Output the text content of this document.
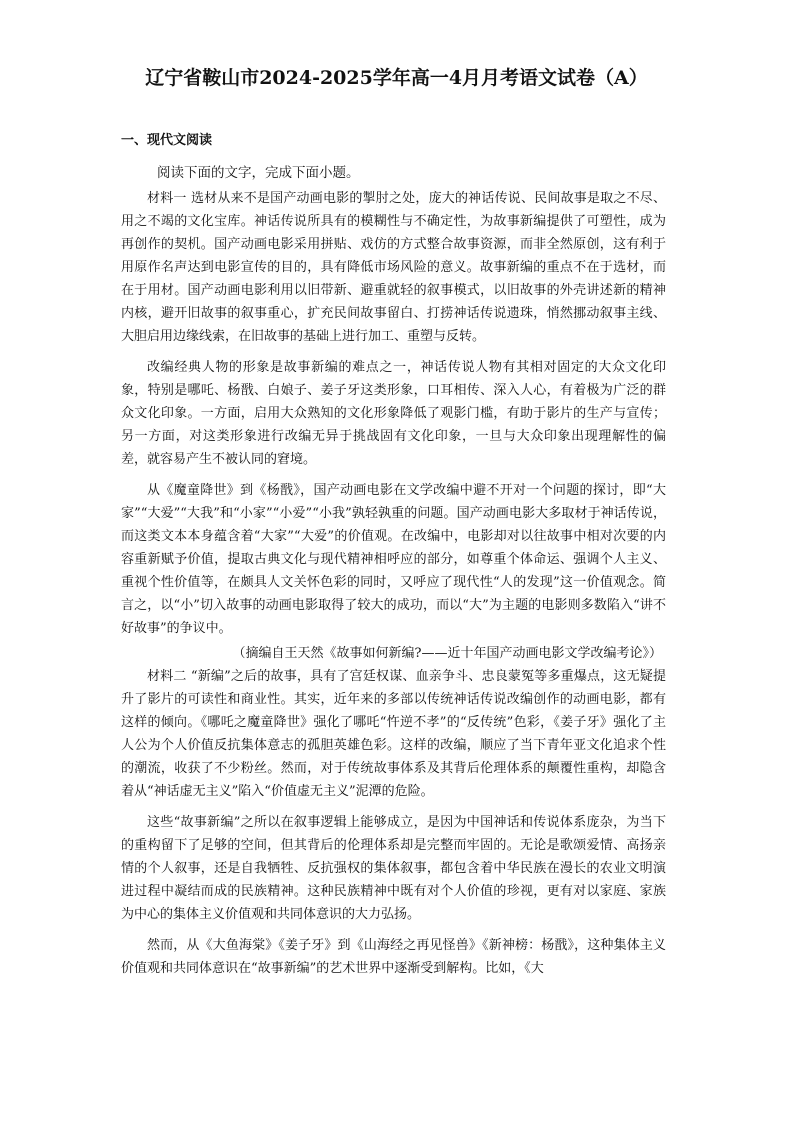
辽宁省鞍山市2024-2025学年高一4月月考语文试卷（A）
一、现代文阅读
阅读下面的文字，完成下面小题。

材料一 选材从来不是国产动画电影的掣肘之处，庞大的神话传说、民间故事是取之不尽、用之不竭的文化宝库。神话传说所具有的模糊性与不确定性，为故事新编提供了可塑性，成为再创作的契机。国产动画电影采用拼贴、戏仿的方式整合故事资源，而非全然原创，这有利于用原作名声达到电影宣传的目的，具有降低市场风险的意义。故事新编的重点不在于选材，而在于用材。国产动画电影利用以旧带新、避重就轻的叙事模式，以旧故事的外壳讲述新的精神内核，避开旧故事的叙事重心，扩充民间故事留白、打捞神话传说遗珠，悄然挪动叙事主线、大胆启用边缘线索，在旧故事的基础上进行加工、重塑与反转。

改编经典人物的形象是故事新编的难点之一，神话传说人物有其相对固定的大众文化印象，特别是哪吒、杨戬、白娘子、姜子牙这类形象，口耳相传、深入人心，有着极为广泛的群众文化印象。一方面，启用大众熟知的文化形象降低了观影门槛，有助于影片的生产与宣传；另一方面，对这类形象进行改编无异于挑战固有文化印象，一旦与大众印象出现理解性的偏差，就容易产生不被认同的窘境。

从《魔童降世》到《杨戬》，国产动画电影在文学改编中避不开对一个问题的探讨，即“大家”“大爱”“大我”和“小家”“小爱”“小我”孰轻孰重的问题。国产动画电影大多取材于神话传说，而这类文本本身蕴含着“大家”“大爱”的价值观。在改编中，电影却对以往故事中相对次要的内容重新赋予价值，提取古典文化与现代精神相呼应的部分，如尊重个体命运、强调个人主义、重视个性价值等，在颇具人文关怀色彩的同时，又呼应了现代性“人的发现”这一价值观念。简言之，以“小”切入故事的动画电影取得了较大的成功，而以“大”为主题的电影则多数陷入“讲不好故事”的争议中。

（摘编自王天然《故事如何新编?——近十年国产动画电影文学改编考论》）

材料二 “新编”之后的故事，具有了宫廷权谋、血亲争斗、忠良蒙冤等多重爆点，这无疑提升了影片的可读性和商业性。其实，近年来的多部以传统神话传说改编创作的动画电影，都有这样的倾向。《哪吒之魔童降世》强化了哪吒“忤逆不孝”的“反传统”色彩，《姜子牙》强化了主人公为个人价值反抗集体意志的孤胆英雄色彩。这样的改编，顺应了当下青年亚文化追求个性的潮流，收获了不少粉丝。然而，对于传统故事体系及其背后伦理体系的颠覆性重构，却隐含着从“神话虚无主义”陷入“价值虚无主义”泥潭的危险。

这些“故事新编”之所以在叙事逻辑上能够成立，是因为中国神话和传说体系庞杂，为当下的重构留下了足够的空间，但其背后的伦理体系却是完整而牢固的。无论是歌颂爱情、高扬亲情的个人叙事，还是自我牺牲、反抗强权的集体叙事，都包含着中华民族在漫长的农业文明演进过程中凝结而成的民族精神。这种民族精神中既有对个人价值的珍视，更有对以家庭、家族为中心的集体主义价值观和共同体意识的大力弘扬。

然而，从《大鱼海棠》《姜子牙》到《山海经之再见怪兽》《新神榜：杨戬》，这种集体主义价值观和共同体意识在“故事新编”的艺术世界中逐渐受到解构。比如，《大
